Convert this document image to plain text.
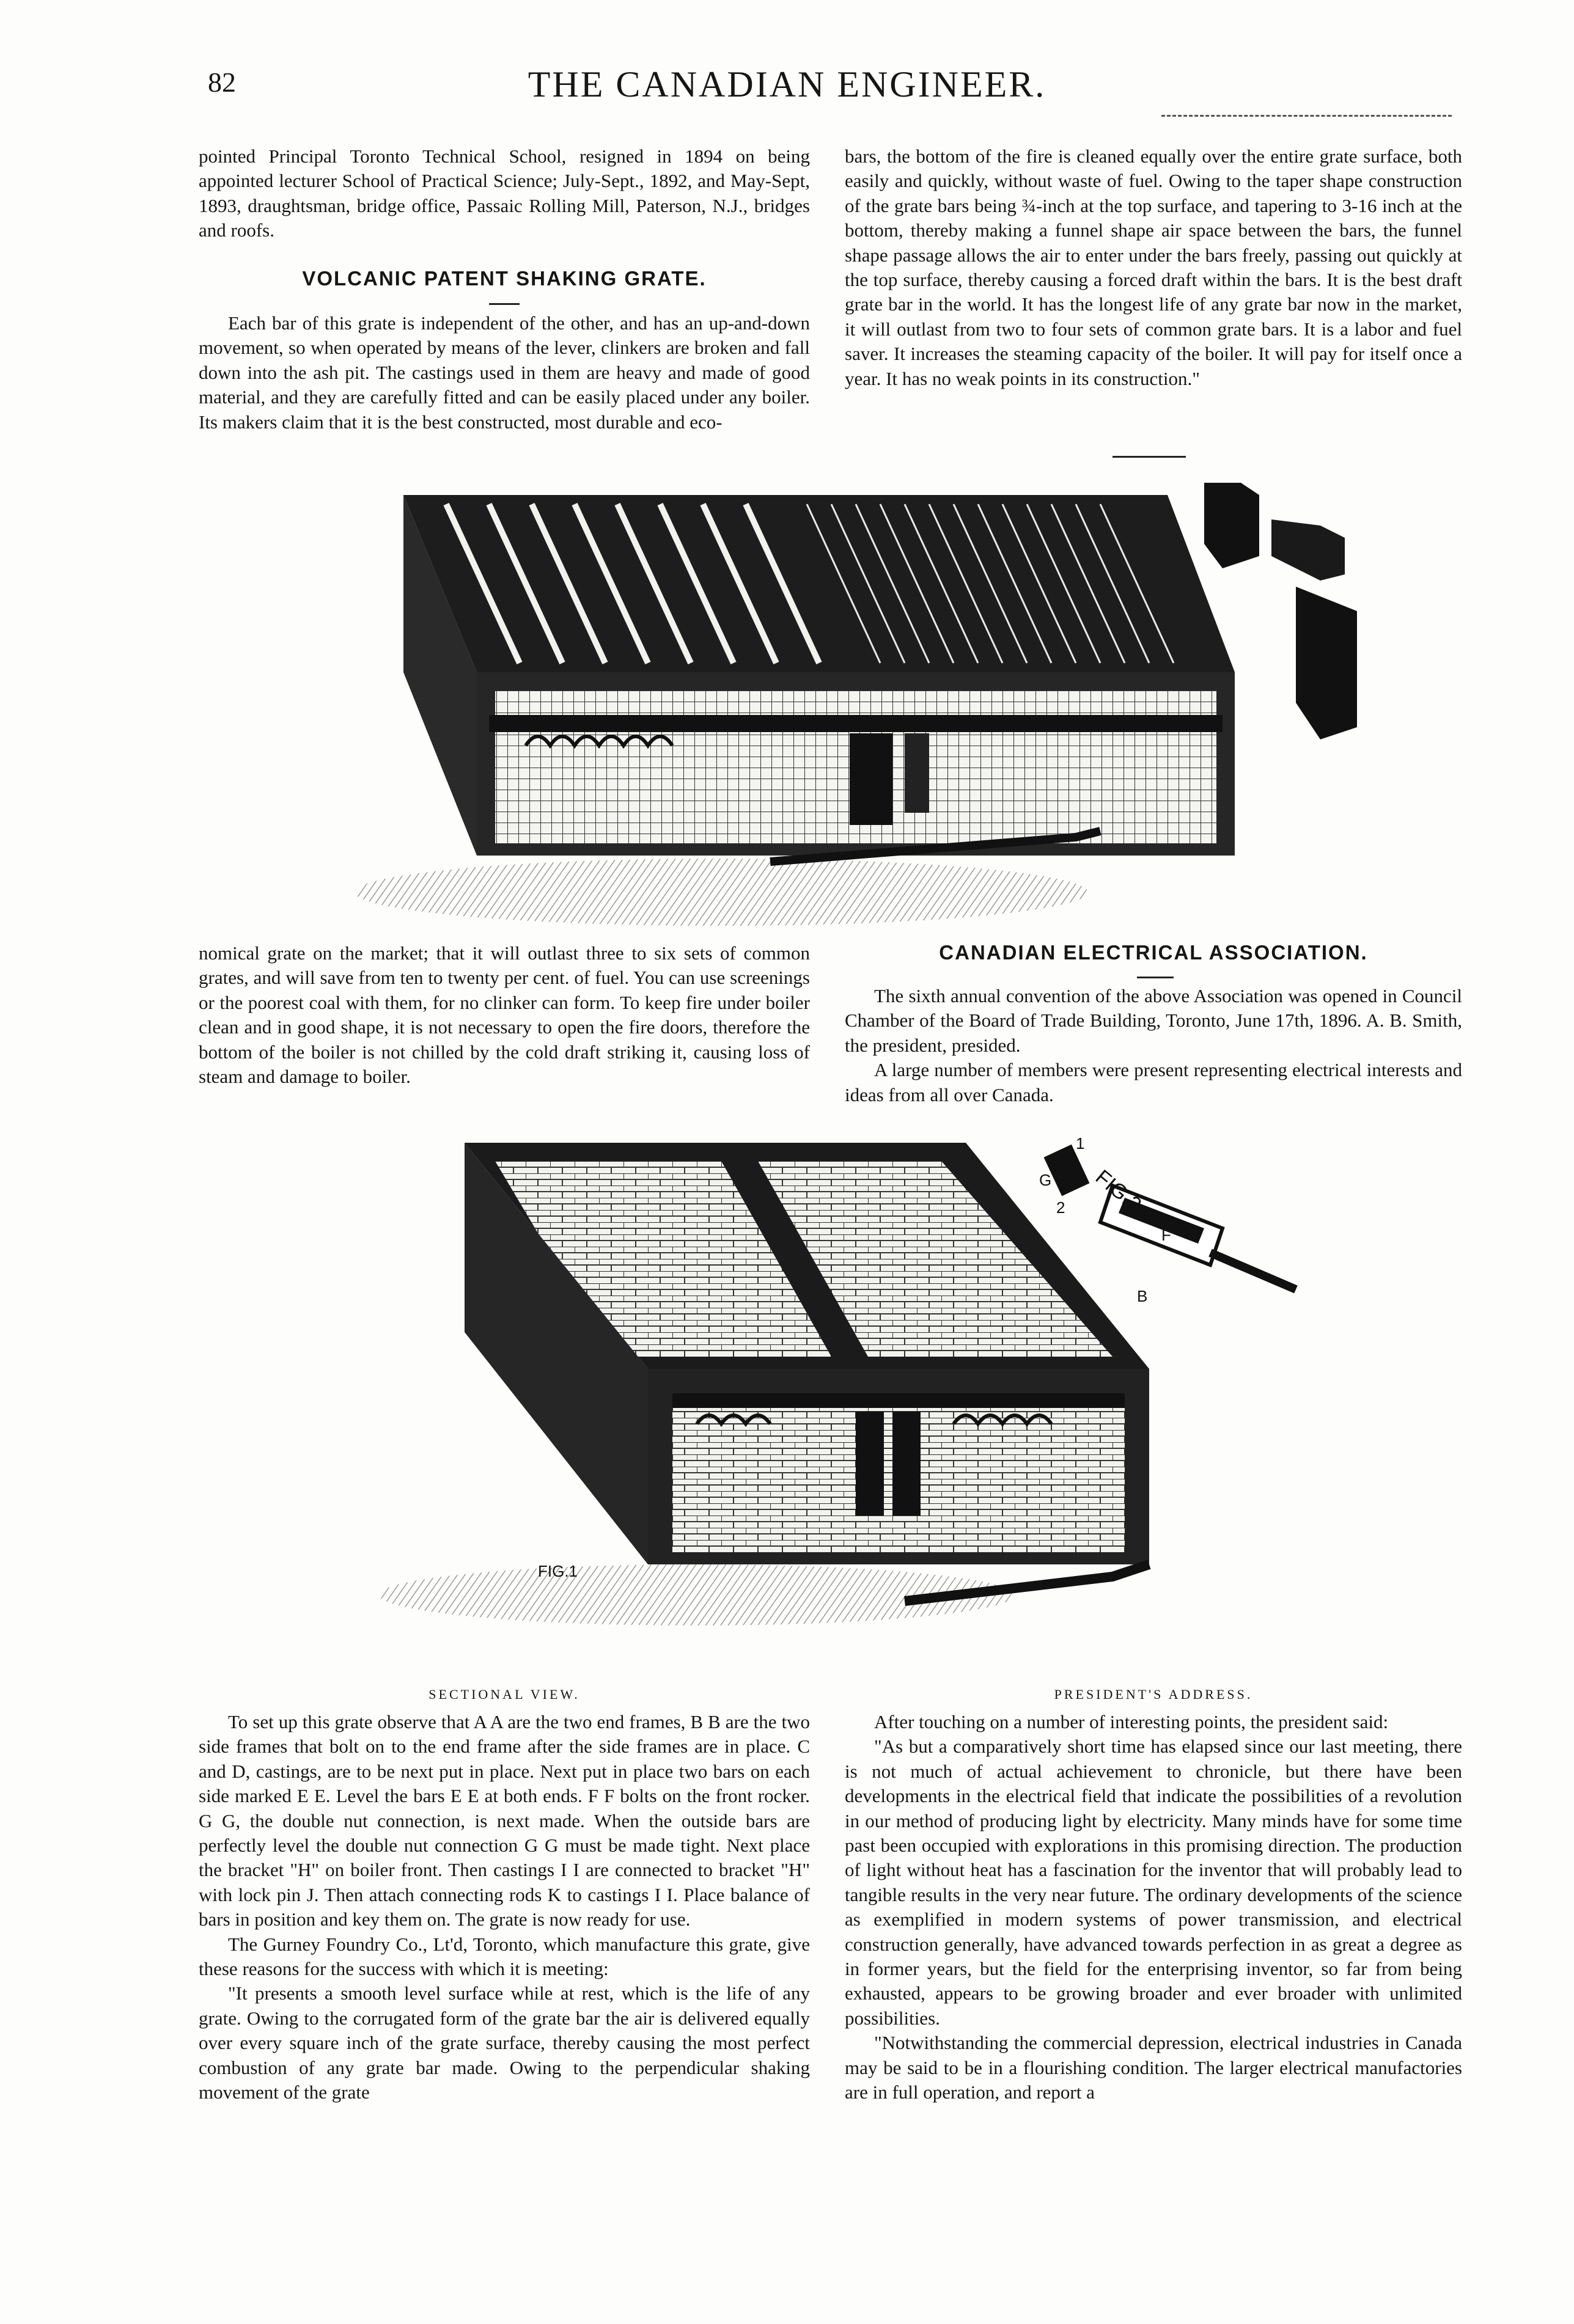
82	THE CANADIAN ENGINEER.

pointed Principal Toronto Technical School, resigned in 1894 on being appointed lecturer School of Practical Science; July-Sept., 1892, and May-Sept, 1893, draughtsman, bridge office, Passaic Rolling Mill, Paterson, N.J., bridges and roofs.

VOLCANIC PATENT SHAKING GRATE.

Each bar of this grate is independent of the other, and has an up-and-down movement, so when operated by means of the lever, clinkers are broken and fall down into the ash pit. The castings used in them are heavy and made of good material, and they are carefully fitted and can be easily placed under any boiler. Its makers claim that it is the best constructed, most durable and eco-

bars, the bottom of the fire is cleaned equally over the entire grate surface, both easily and quickly, without waste of fuel. Owing to the taper shape construction of the grate bars being ¾-inch at the top surface, and tapering to 3-16 inch at the bottom, thereby making a funnel shape air space between the bars, the funnel shape passage allows the air to enter under the bars freely, passing out quickly at the top surface, thereby causing a forced draft within the bars. It is the best draft grate bar in the world. It has the longest life of any grate bar now in the market, it will outlast from two to four sets of common grate bars. It is a labor and fuel saver. It increases the steaming capacity of the boiler. It will pay for itself once a year. It has no weak points in its construction."

nomical grate on the market; that it will outlast three to six sets of common grates, and will save from ten to twenty per cent. of fuel. You can use screenings or the poorest coal with them, for no clinker can form. To keep fire under boiler clean and in good shape, it is not necessary to open the fire doors, therefore the bottom of the boiler is not chilled by the cold draft striking it, causing loss of steam and damage to boiler.

CANADIAN ELECTRICAL ASSOCIATION.

The sixth annual convention of the above Association was opened in Council Chamber of the Board of Trade Building, Toronto, June 17th, 1896. A. B. Smith, the president, presided.

A large number of members were present representing electrical interests and ideas from all over Canada.

FIG.2
G
1
2
F
B
FIG.1
SECTIONAL VIEW.	PRESIDENT'S ADDRESS.

To set up this grate observe that A A are the two end frames, B B are the two side frames that bolt on to the end frame after the side frames are in place. C and D, castings, are to be next put in place. Next put in place two bars on each side marked E E. Level the bars E E at both ends. F F bolts on the front rocker. G G, the double nut connection, is next made. When the outside bars are perfectly level the double nut connection G G must be made tight. Next place the bracket "H" on boiler front. Then castings I I are connected to bracket "H" with lock pin J. Then attach connecting rods K to castings I I. Place balance of bars in position and key them on. The grate is now ready for use.

The Gurney Foundry Co., Lt'd, Toronto, which manufacture this grate, give these reasons for the success with which it is meeting:

"It presents a smooth level surface while at rest, which is the life of any grate. Owing to the corrugated form of the grate bar the air is delivered equally over every square inch of the grate surface, thereby causing the most perfect combustion of any grate bar made. Owing to the perpendicular shaking movement of the grate

After touching on a number of interesting points, the president said:

"As but a comparatively short time has elapsed since our last meeting, there is not much of actual achievement to chronicle, but there have been developments in the electrical field that indicate the possibilities of a revolution in our method of producing light by electricity. Many minds have for some time past been occupied with explorations in this promising direction. The production of light without heat has a fascination for the inventor that will probably lead to tangible results in the very near future. The ordinary developments of the science as exemplified in modern systems of power transmission, and electrical construction generally, have advanced towards perfection in as great a degree as in former years, but the field for the enterprising inventor, so far from being exhausted, appears to be growing broader and ever broader with unlimited possibilities.

"Notwithstanding the commercial depression, electrical industries in Canada may be said to be in a flourishing condition. The larger electrical manufactories are in full operation, and report a
